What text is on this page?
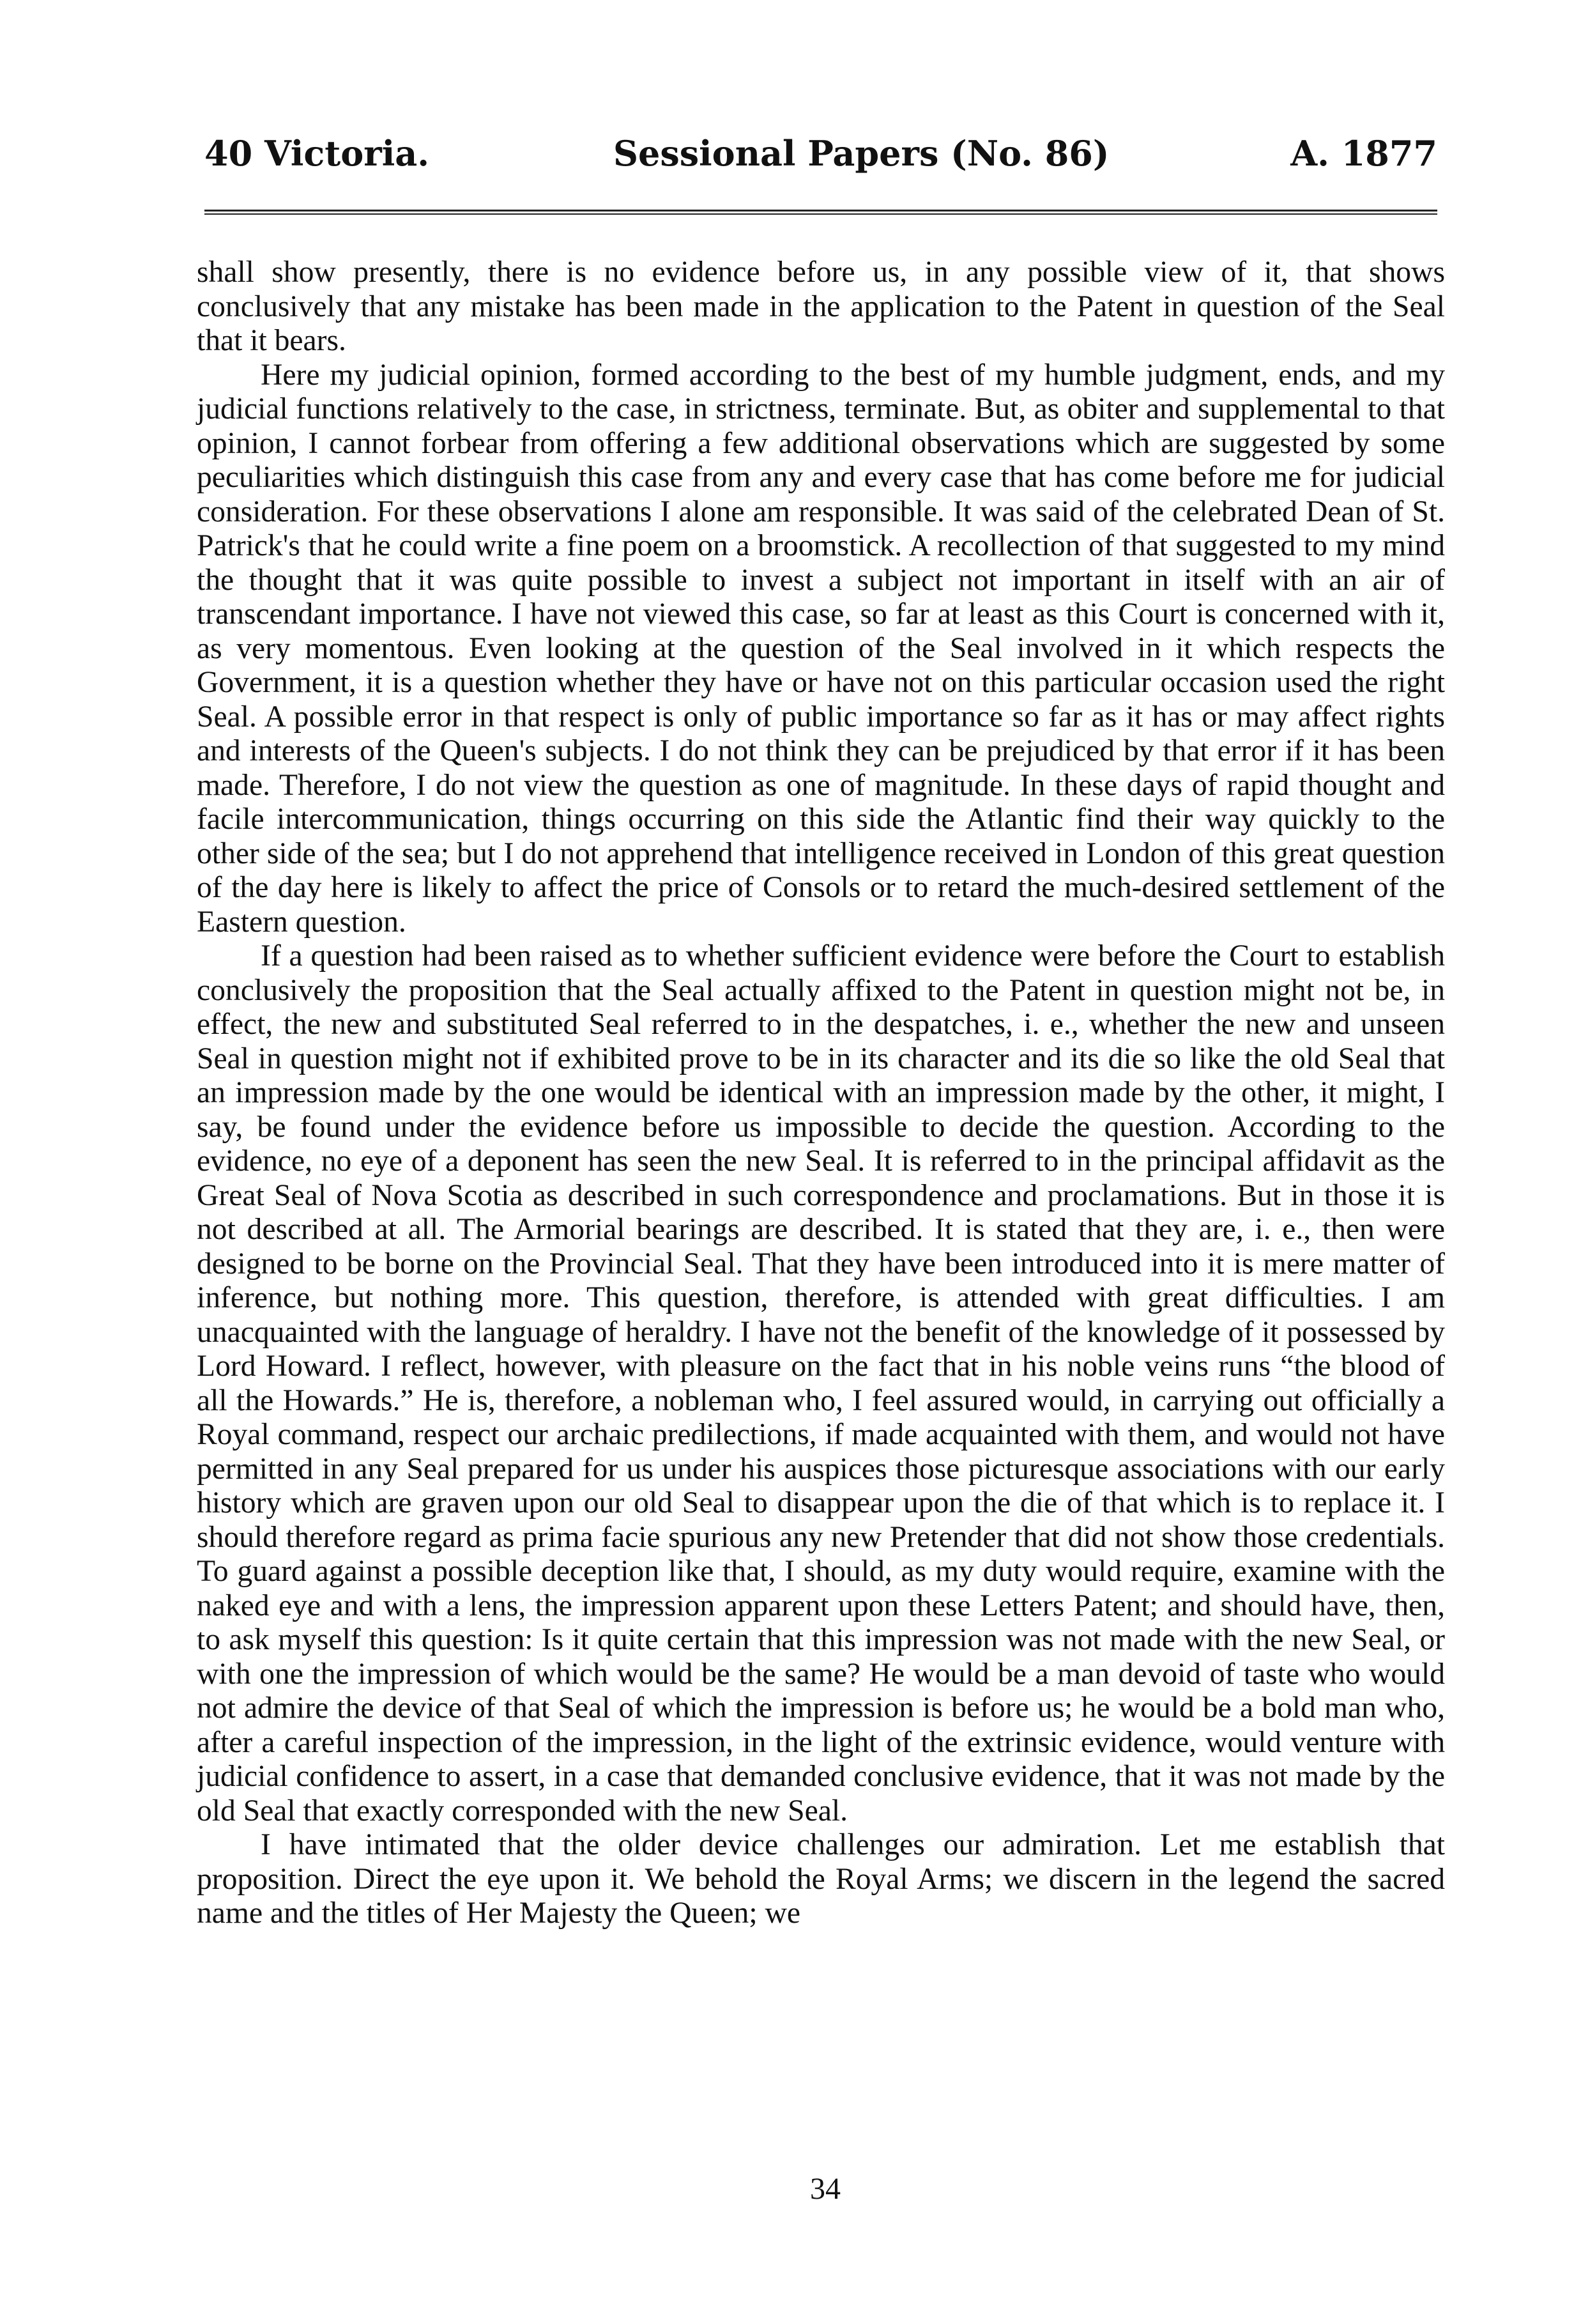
40 Victoria.	Sessional Papers (No. 86)	A. 1877

shall show presently, there is no evidence before us, in any possible view of it, that shows conclusively that any mistake has been made in the application to the Patent in question of the Seal that it bears.

Here my judicial opinion, formed according to the best of my humble judgment, ends, and my judicial functions relatively to the case, in strictness, terminate. But, as obiter and supplemental to that opinion, I cannot forbear from offering a few additional observations which are suggested by some peculiarities which distinguish this case from any and every case that has come before me for judicial consideration. For these observations I alone am responsible. It was said of the celebrated Dean of St. Patrick's that he could write a fine poem on a broomstick. A recollection of that suggested to my mind the thought that it was quite possible to invest a subject not important in itself with an air of transcendant importance. I have not viewed this case, so far at least as this Court is concerned with it, as very momentous. Even looking at the question of the Seal involved in it which respects the Government, it is a question whether they have or have not on this particular occasion used the right Seal. A possible error in that respect is only of public importance so far as it has or may affect rights and interests of the Queen's subjects. I do not think they can be prejudiced by that error if it has been made. Therefore, I do not view the question as one of magnitude. In these days of rapid thought and facile intercommunication, things occurring on this side the Atlantic find their way quickly to the other side of the sea; but I do not apprehend that intelligence received in London of this great question of the day here is likely to affect the price of Consols or to retard the much-desired settlement of the Eastern question.

If a question had been raised as to whether sufficient evidence were before the Court to establish conclusively the proposition that the Seal actually affixed to the Patent in question might not be, in effect, the new and substituted Seal referred to in the despatches, i. e., whether the new and unseen Seal in question might not if exhibited prove to be in its character and its die so like the old Seal that an impression made by the one would be identical with an impression made by the other, it might, I say, be found under the evidence before us impossible to decide the question. According to the evidence, no eye of a deponent has seen the new Seal. It is referred to in the principal affidavit as the Great Seal of Nova Scotia as described in such correspondence and proclamations. But in those it is not described at all. The Armorial bearings are described. It is stated that they are, i. e., then were designed to be borne on the Provincial Seal. That they have been introduced into it is mere matter of inference, but nothing more. This question, therefore, is attended with great difficulties. I am unacquainted with the language of heraldry. I have not the benefit of the knowledge of it possessed by Lord Howard. I reflect, however, with pleasure on the fact that in his noble veins runs “the blood of all the Howards.” He is, therefore, a nobleman who, I feel assured would, in carrying out officially a Royal command, respect our archaic predilections, if made acquainted with them, and would not have permitted in any Seal prepared for us under his auspices those picturesque associations with our early history which are graven upon our old Seal to disappear upon the die of that which is to replace it. I should therefore regard as prima facie spurious any new Pretender that did not show those credentials. To guard against a possible deception like that, I should, as my duty would require, examine with the naked eye and with a lens, the impression apparent upon these Letters Patent; and should have, then, to ask myself this question: Is it quite certain that this impression was not made with the new Seal, or with one the impression of which would be the same? He would be a man devoid of taste who would not admire the device of that Seal of which the impression is before us; he would be a bold man who, after a careful inspection of the impression, in the light of the extrinsic evidence, would venture with judicial confidence to assert, in a case that demanded conclusive evidence, that it was not made by the old Seal that exactly corresponded with the new Seal.

I have intimated that the older device challenges our admiration. Let me establish that proposition. Direct the eye upon it. We behold the Royal Arms; we discern in the legend the sacred name and the titles of Her Majesty the Queen; we

34
